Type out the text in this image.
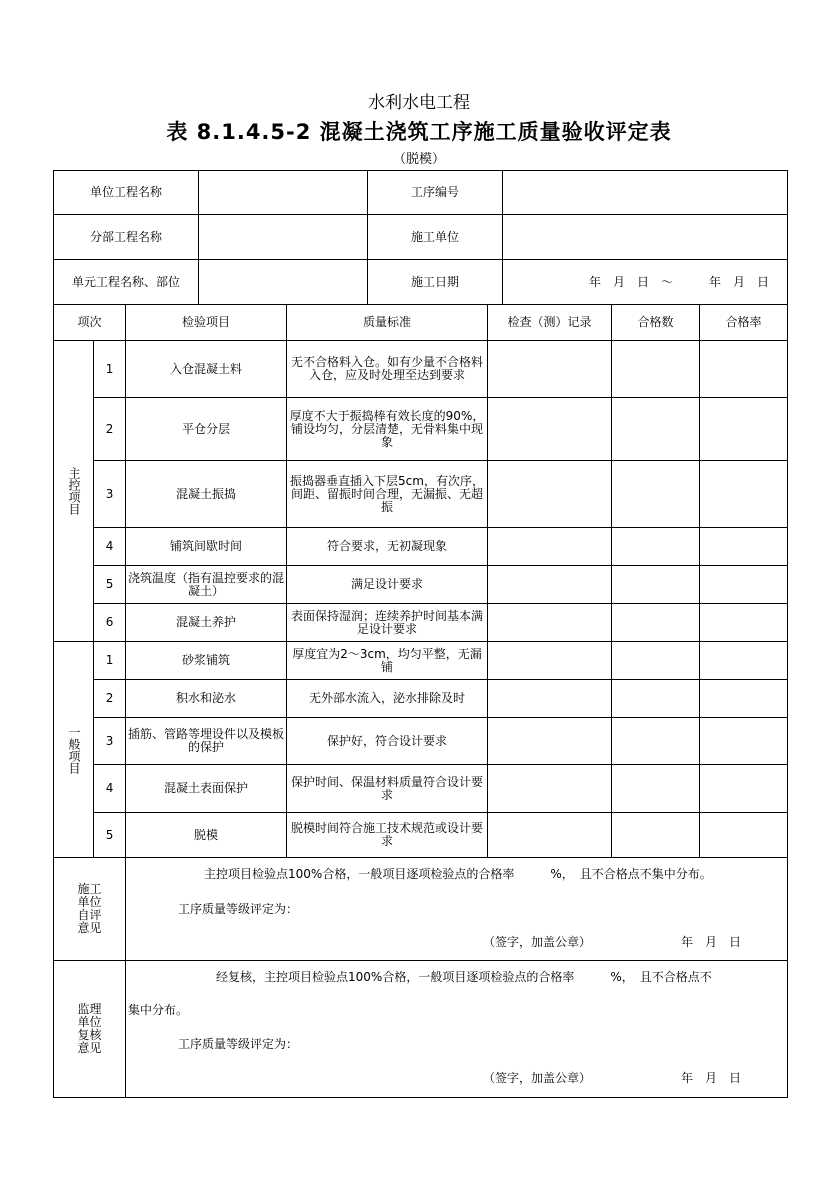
水利水电工程
表 8.1.4.5-2 混凝土浇筑工序施工质量验收评定表
（脱模）
单位工程名称		工序编号	
分部工程名称		施工单位	
单元工程名称、部位		施工日期	年　月　日　～　　　年　月　日
项次		检验项目	质量标准	检查（测）记录	合格数	合格率

主控项目	1	入仓混凝土料	无不合格料入仓。如有少量不合格料入仓，应及时处理至达到要求			
	2	平仓分层	厚度不大于振捣棒有效长度的90%，铺设均匀，分层清楚，无骨料集中现象			
	3	混凝土振捣	振捣器垂直插入下层5cm，有次序，间距、留振时间合理，无漏振、无超振			
	4	铺筑间歇时间	符合要求，无初凝现象			
	5	浇筑温度（指有温控要求的混凝土）	满足设计要求			
	6	混凝土养护	表面保持湿润；连续养护时间基本满足设计要求			

一般项目	1	砂浆铺筑	厚度宜为2～3cm，均匀平整，无漏铺			
	2	积水和泌水	无外部水流入，泌水排除及时			
	3	插筋、管路等埋设件以及模板的保护	保护好，符合设计要求			
	4	混凝土表面保护	保护时间、保温材料质量符合设计要求			
	5	脱模	脱模时间符合施工技术规范或设计要求			

施工单位自评意见		主控项目检验点100%合格，一般项目逐项检验点的合格率　　　%，　且不合格点不集中分布。
工序质量等级评定为：
（签字，加盖公章） 年　月　日				

监理单位复核意见		经复核，主控项目检验点100%合格，一般项目逐项检验点的合格率　　　%，　且不合格点不
集中分布。
工序质量等级评定为：
（签字，加盖公章） 年　月　日				
